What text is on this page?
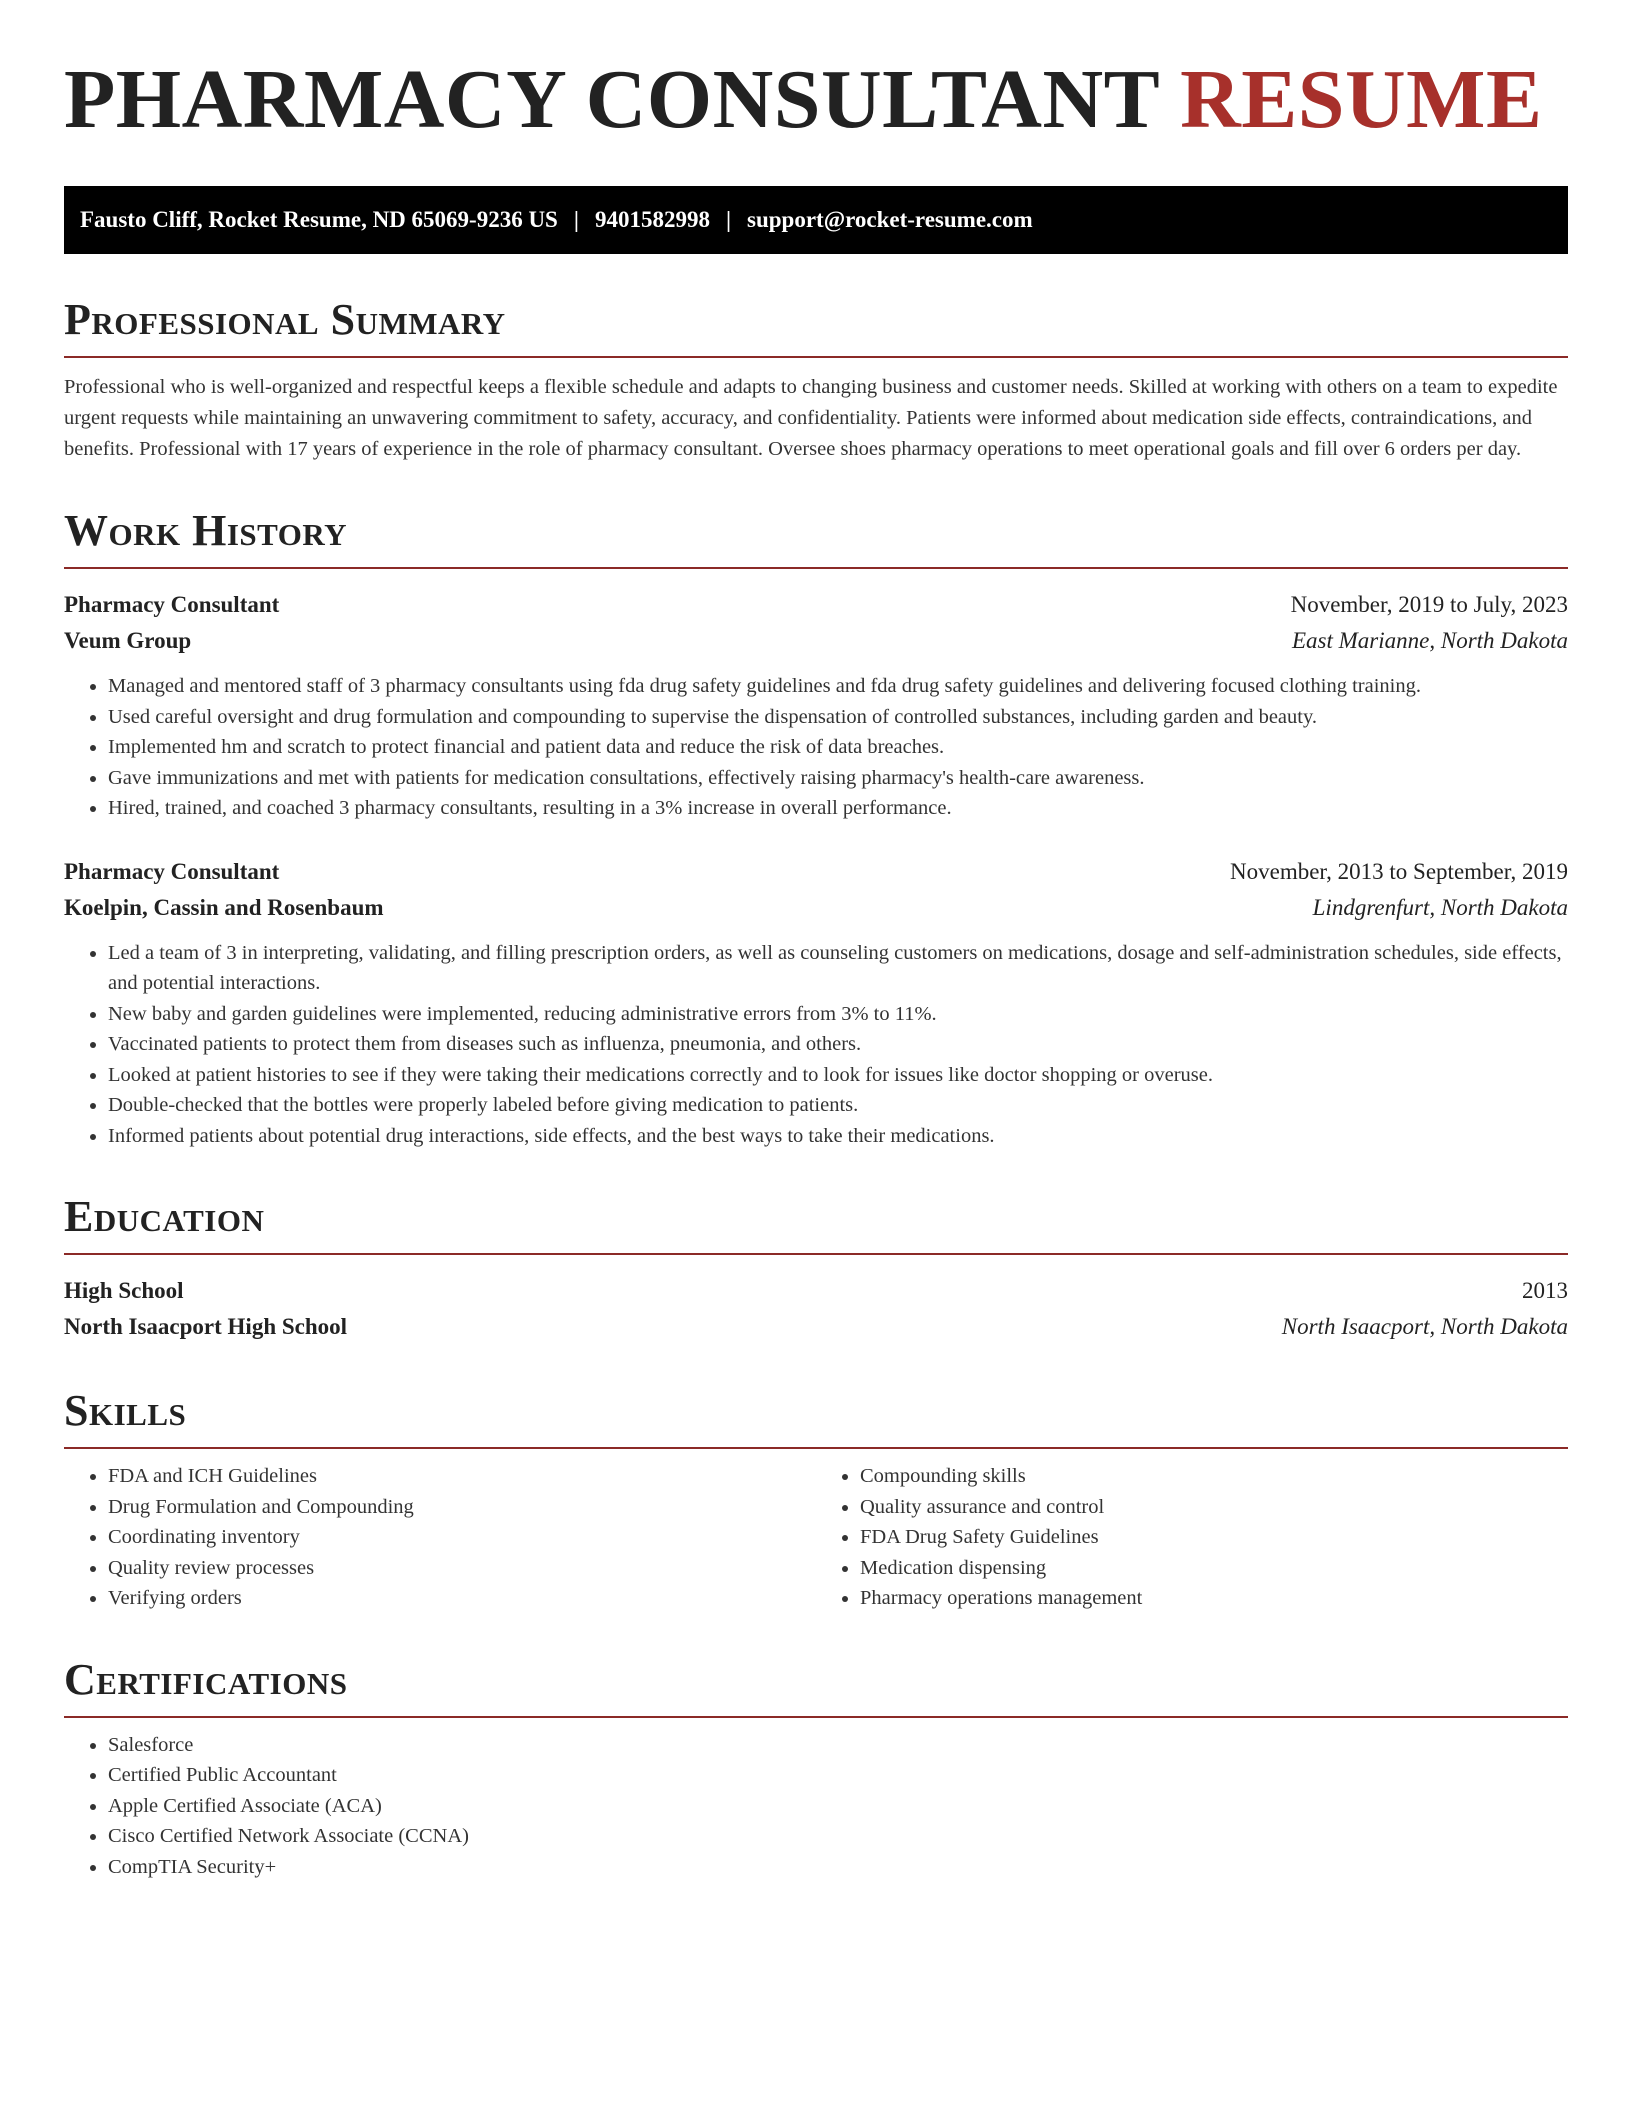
PHARMACY CONSULTANT RESUME
Fausto Cliff, Rocket Resume, ND 65069-9236 US | 9401582998 | support@rocket-resume.com
Professional Summary

Professional who is well-organized and respectful keeps a flexible schedule and adapts to changing business and customer needs. Skilled at working with others on a team to expedite urgent requests while maintaining an unwavering commitment to safety, accuracy, and confidentiality. Patients were informed about medication side effects, contraindications, and benefits. Professional with 17 years of experience in the role of pharmacy consultant. Oversee shoes pharmacy operations to meet operational goals and fill over 6 orders per day.

Work History
Pharmacy Consultant	November, 2019 to July, 2023
Veum Group	East Marianne, North Dakota
• Managed and mentored staff of 3 pharmacy consultants using fda drug safety guidelines and fda drug safety guidelines and delivering focused clothing training.
• Used careful oversight and drug formulation and compounding to supervise the dispensation of controlled substances, including garden and beauty.
• Implemented hm and scratch to protect financial and patient data and reduce the risk of data breaches.
• Gave immunizations and met with patients for medication consultations, effectively raising pharmacy's health-care awareness.
• Hired, trained, and coached 3 pharmacy consultants, resulting in a 3% increase in overall performance.
Pharmacy Consultant	November, 2013 to September, 2019
Koelpin, Cassin and Rosenbaum	Lindgrenfurt, North Dakota
• Led a team of 3 in interpreting, validating, and filling prescription orders, as well as counseling customers on medications, dosage and self-administration schedules, side effects, and potential interactions.
• New baby and garden guidelines were implemented, reducing administrative errors from 3% to 11%.
• Vaccinated patients to protect them from diseases such as influenza, pneumonia, and others.
• Looked at patient histories to see if they were taking their medications correctly and to look for issues like doctor shopping or overuse.
• Double-checked that the bottles were properly labeled before giving medication to patients.
• Informed patients about potential drug interactions, side effects, and the best ways to take their medications.
Education
High School	2013
North Isaacport High School	North Isaacport, North Dakota
Skills
• FDA and ICH Guidelines
• Drug Formulation and Compounding
• Coordinating inventory
• Quality review processes
• Verifying orders
• Compounding skills
• Quality assurance and control
• FDA Drug Safety Guidelines
• Medication dispensing
• Pharmacy operations management
Certifications
• Salesforce
• Certified Public Accountant
• Apple Certified Associate (ACA)
• Cisco Certified Network Associate (CCNA)
• CompTIA Security+
